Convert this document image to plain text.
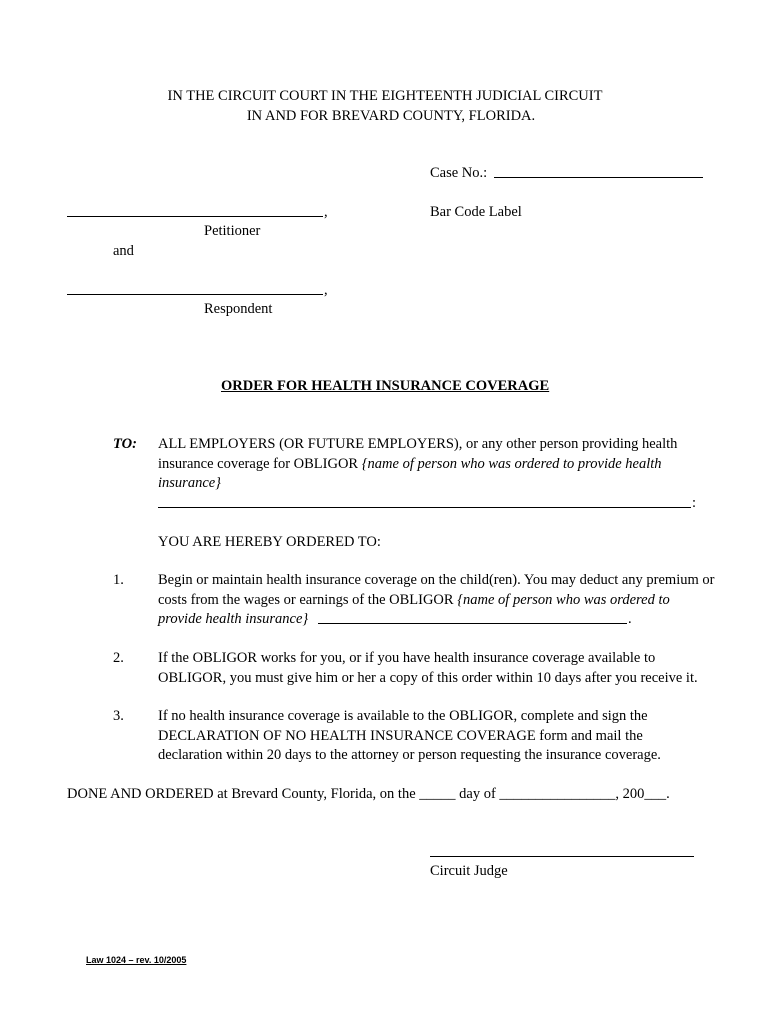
IN THE CIRCUIT COURT IN THE EIGHTEENTH JUDICIAL CIRCUIT
IN AND FOR BREVARD COUNTY, FLORIDA.
Case No.:
,	Bar Code Label
Petitioner
and
,
Respondent
ORDER FOR HEALTH INSURANCE COVERAGE
TO: ALL EMPLOYERS (OR FUTURE EMPLOYERS), or any other person providing health
insurance coverage for OBLIGOR {name of person who was ordered to provide health
insurance}
:
YOU ARE HEREBY ORDERED TO:
1. Begin or maintain health insurance coverage on the child(ren). You may deduct any premium or
costs from the wages or earnings of the OBLIGOR {name of person who was ordered to
provide health insurance}	.
2. If the OBLIGOR works for you, or if you have health insurance coverage available to
OBLIGOR, you must give him or her a copy of this order within 10 days after you receive it.
3. If no health insurance coverage is available to the OBLIGOR, complete and sign the
DECLARATION OF NO HEALTH INSURANCE COVERAGE form and mail the
declaration within 20 days to the attorney or person requesting the insurance coverage.
DONE AND ORDERED at Brevard County, Florida, on the _____ day of ________________, 200___.
Circuit Judge
Law 1024 – rev. 10/2005
